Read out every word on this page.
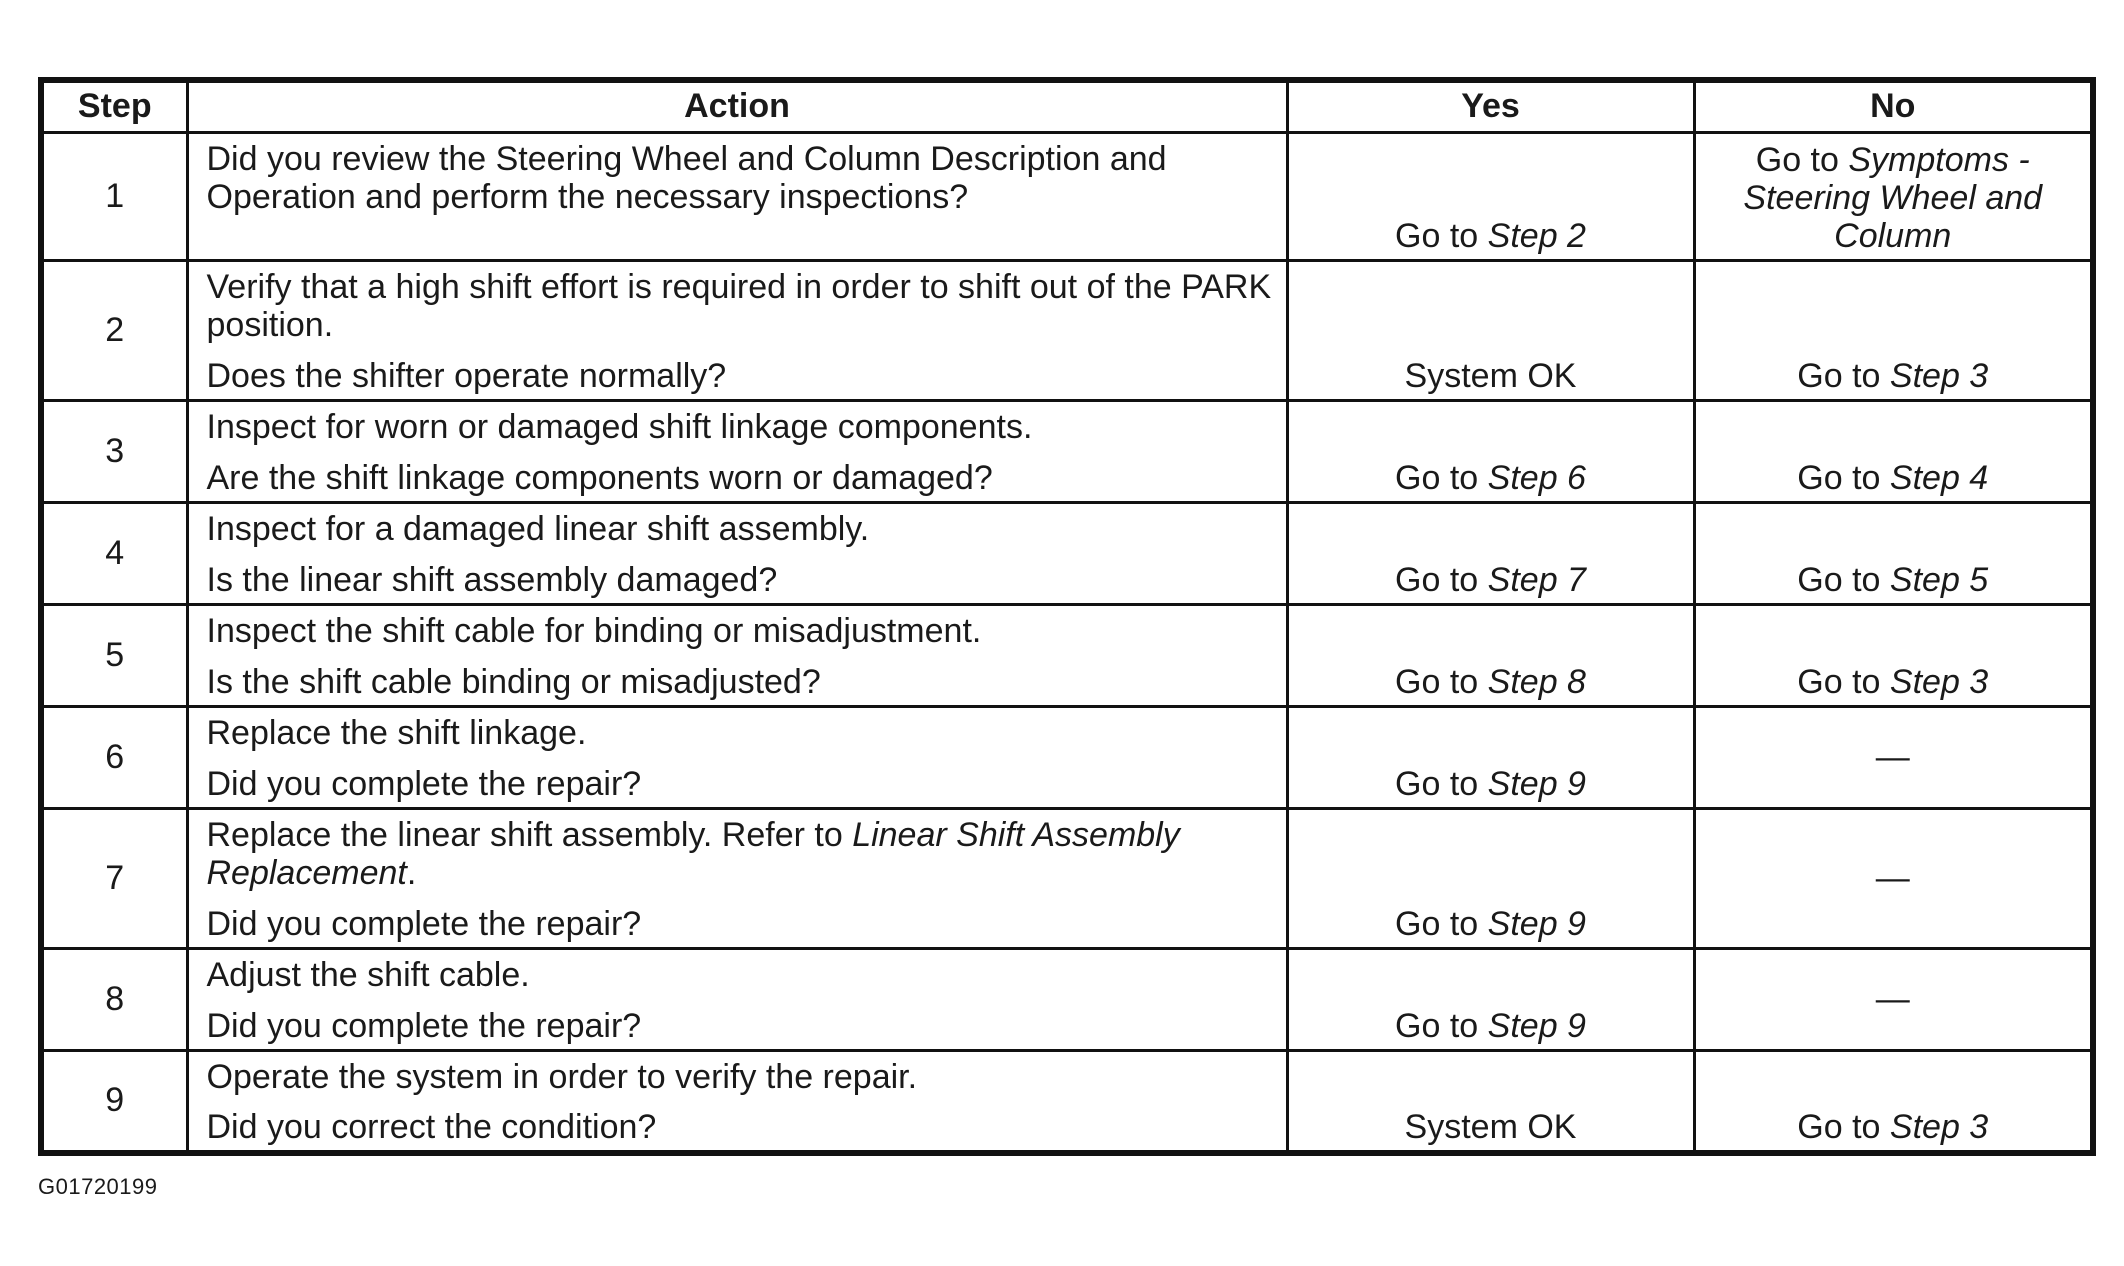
Step	Action	Yes	No
1	Did you review the Steering Wheel and Column Description and Operation and perform the necessary inspections?	Go to Step 2	Go to Symptoms - Steering Wheel and Column
2	Verify that a high shift effort is required in order to shift out of the PARK position.

Does the shifter operate normally?	System OK	Go to Step 3
3	Inspect for worn or damaged shift linkage components.

Are the shift linkage components worn or damaged?	Go to Step 6	Go to Step 4
4	Inspect for a damaged linear shift assembly.

Is the linear shift assembly damaged?	Go to Step 7	Go to Step 5
5	Inspect the shift cable for binding or misadjustment.

Is the shift cable binding or misadjusted?	Go to Step 8	Go to Step 3
6	Replace the shift linkage.

Did you complete the repair?	Go to Step 9	—
7	Replace the linear shift assembly. Refer to Linear Shift Assembly Replacement.

Did you complete the repair?	Go to Step 9	—
8	Adjust the shift cable.

Did you complete the repair?	Go to Step 9	—
9	Operate the system in order to verify the repair.

Did you correct the condition?	System OK	Go to Step 3
G01720199
